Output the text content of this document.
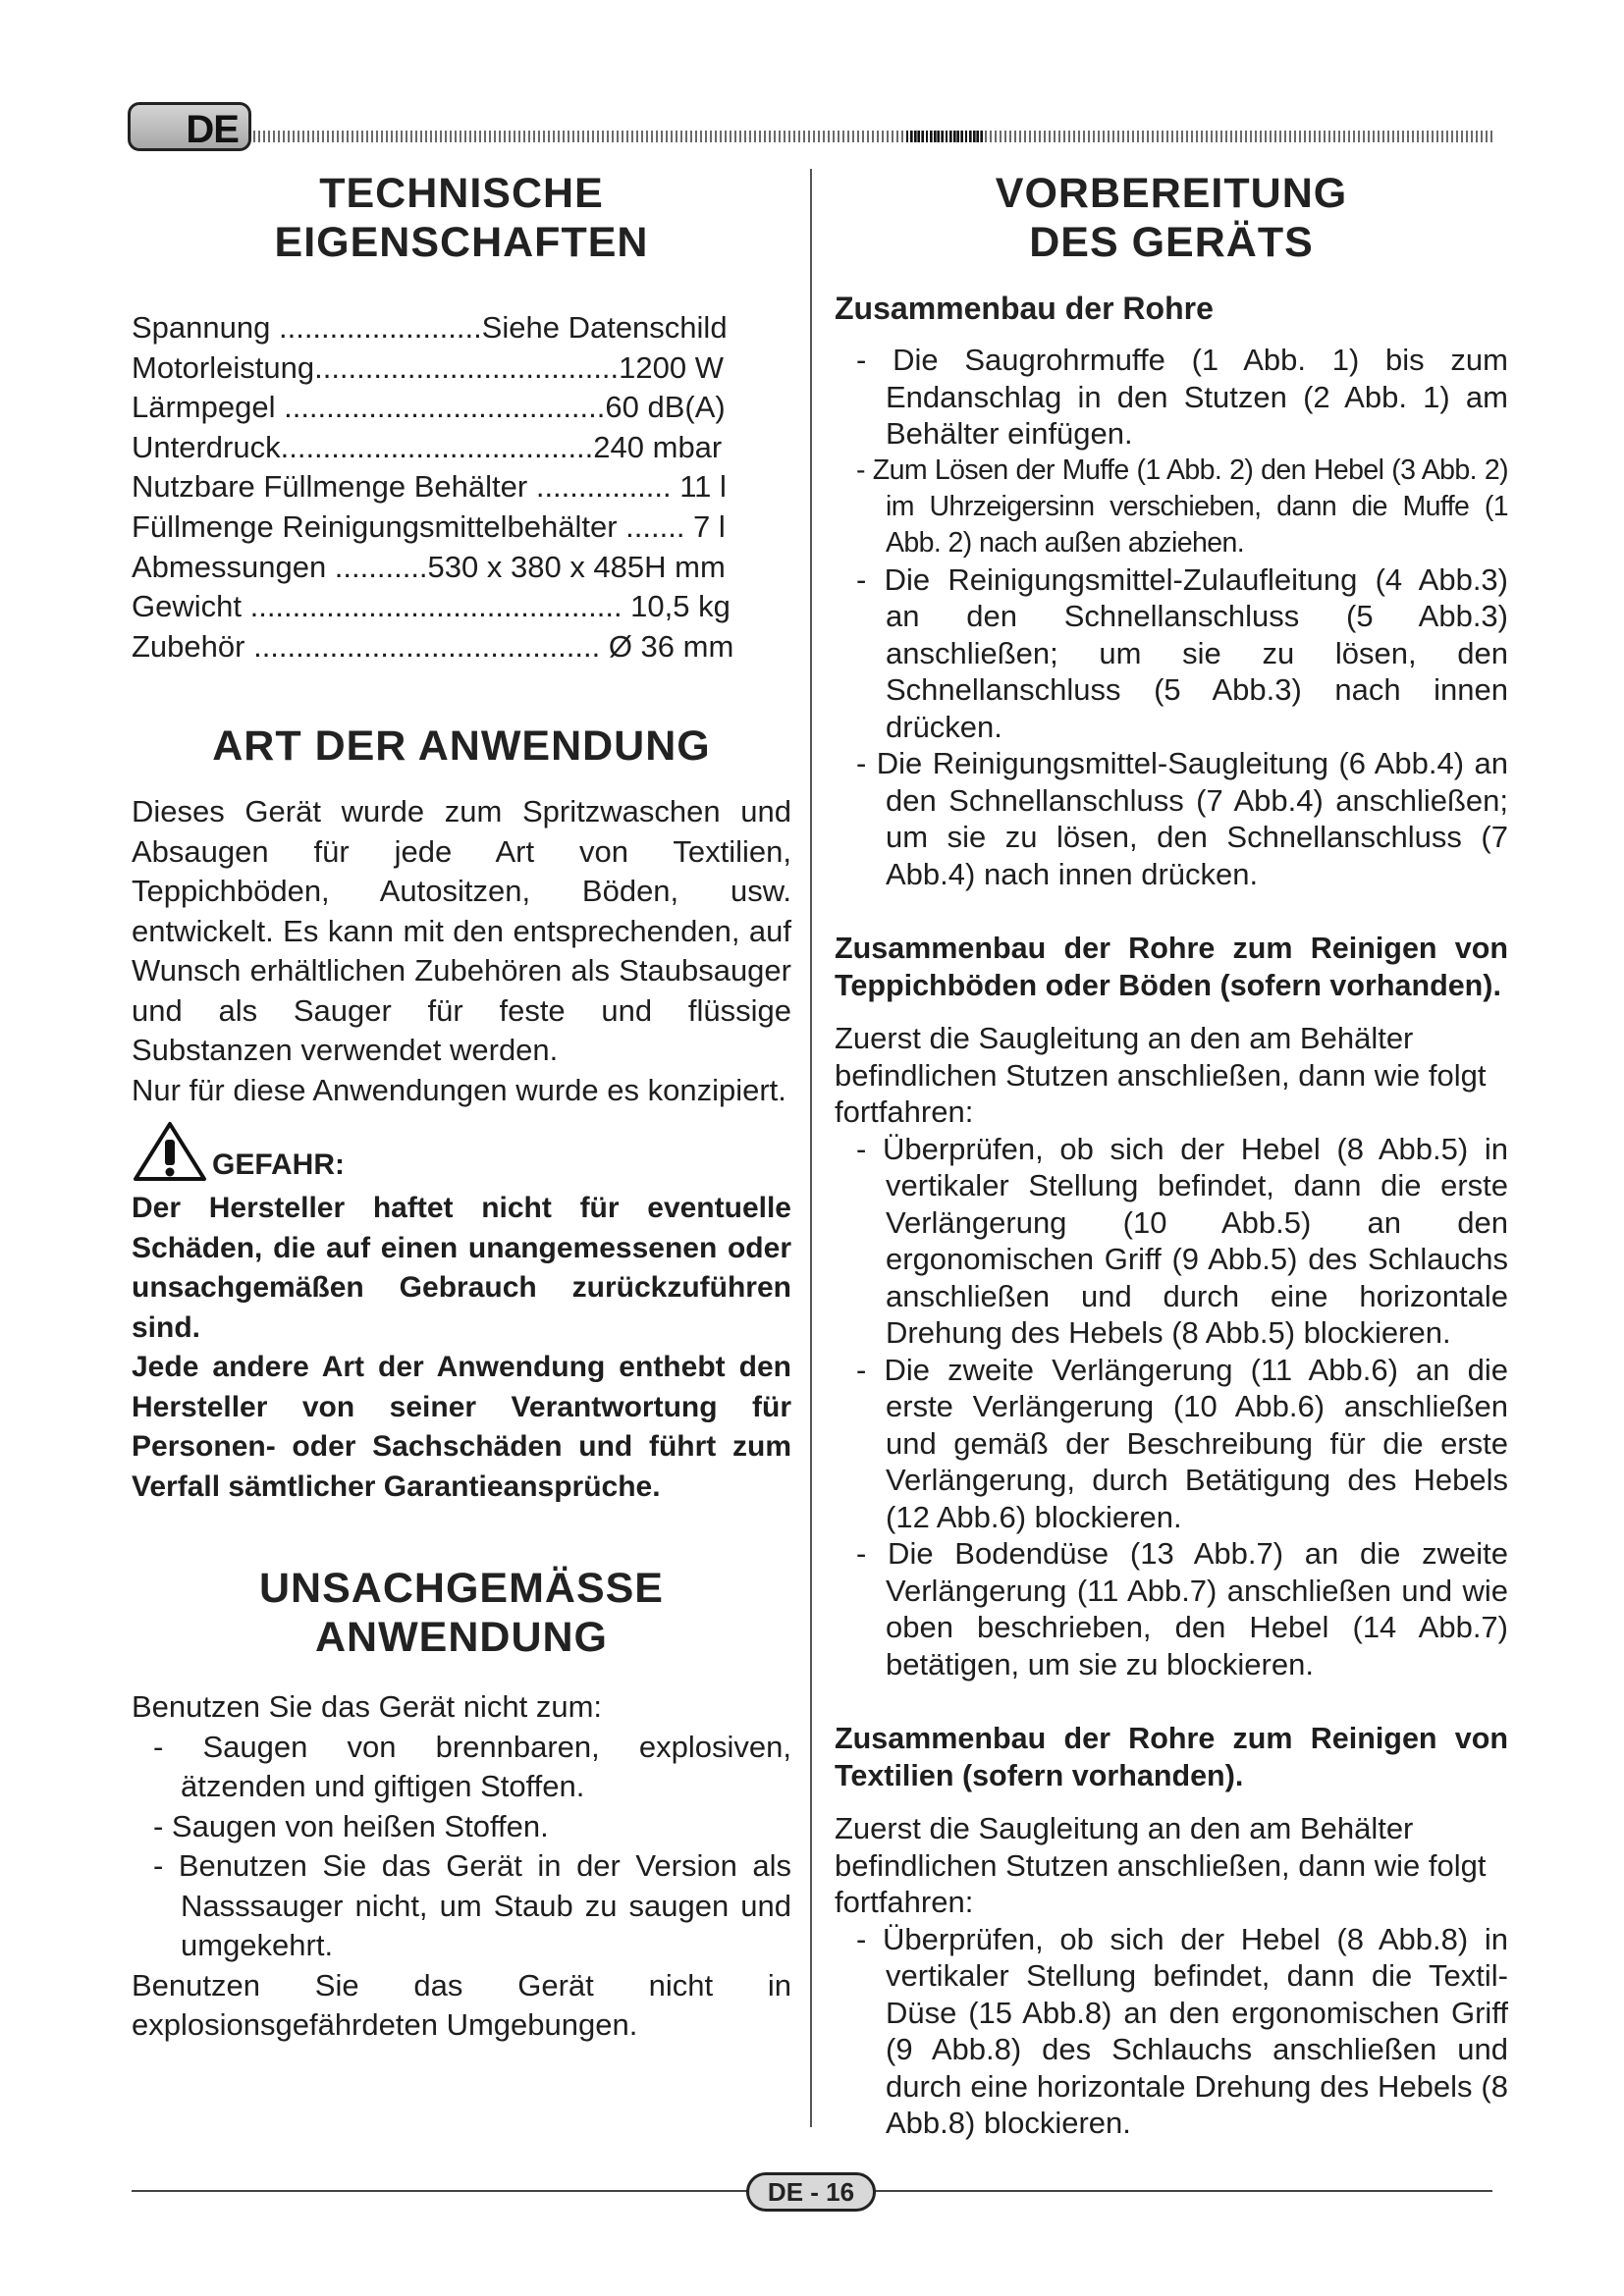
DE
TECHNISCHE
EIGENSCHAFTEN
Spannung ........................Siehe Datenschild
Motorleistung....................................1200 W
Lärmpegel ......................................60 dB(A)
Unterdruck.....................................240 mbar
Nutzbare Füllmenge Behälter ................ 11 l
Füllmenge Reinigungsmittelbehälter ....... 7 l
Abmessungen ...........530 x 380 x 485H mm
Gewicht ............................................ 10,5 kg
Zubehör ......................................... Ø 36 mm
ART DER ANWENDUNG

Dieses Gerät wurde zum Spritzwaschen und Absaugen für jede Art von Textilien, Teppichböden, Autositzen, Böden, usw. entwickelt. Es kann mit den entsprechenden, auf Wunsch erhältlichen Zubehören als Staubsauger und als Sauger für feste und flüssige Substanzen verwendet werden.

Nur für diese Anwendungen wurde es konzipiert.

GEFAHR:

Der Hersteller haftet nicht für eventuelle Schäden, die auf einen unangemessenen oder unsachgemäßen Gebrauch zurückzuführen sind.

Jede andere Art der Anwendung enthebt den Hersteller von seiner Verantwortung für Personen- oder Sachschäden und führt zum Verfall sämtlicher Garantieansprüche.

UNSACHGEMÄSSE
ANWENDUNG

Benutzen Sie das Gerät nicht zum:

- Saugen von brennbaren, explosiven, ätzenden und giftigen Stoffen.

- Saugen von heißen Stoffen.

- Benutzen Sie das Gerät in der Version als Nasssauger nicht, um Staub zu saugen und umgekehrt.

Benutzen Sie das Gerät nicht in explosionsgefährdeten Umgebungen.

VORBEREITUNG
DES GERÄTS
Zusammenbau der Rohre

- Die Saugrohrmuffe (1 Abb. 1) bis zum Endanschlag in den Stutzen (2 Abb. 1) am Behälter einfügen.

- Zum Lösen der Muffe (1 Abb. 2) den Hebel (3 Abb. 2) im Uhrzeigersinn verschieben, dann die Muffe (1 Abb. 2) nach außen abziehen.

- Die Reinigungsmittel-Zulaufleitung (4 Abb.3) an den Schnellanschluss (5 Abb.3) anschließen; um sie zu lösen, den Schnellanschluss (5 Abb.3) nach innen drücken.

- Die Reinigungsmittel-Saugleitung (6 Abb.4) an den Schnellanschluss (7 Abb.4) anschließen; um sie zu lösen, den Schnellanschluss (7 Abb.4) nach innen drücken.

Zusammenbau der Rohre zum Reinigen von Teppichböden oder Böden (sofern vorhanden).

Zuerst die Saugleitung an den am Behälter befindlichen Stutzen anschließen, dann wie folgt fortfahren:

- Überprüfen, ob sich der Hebel (8 Abb.5) in vertikaler Stellung befindet, dann die erste Verlängerung (10 Abb.5) an den ergonomischen Griff (9 Abb.5) des Schlauchs anschließen und durch eine horizontale Drehung des Hebels (8 Abb.5) blockieren.

- Die zweite Verlängerung (11 Abb.6) an die erste Verlängerung (10 Abb.6) anschließen und gemäß der Beschreibung für die erste Verlängerung, durch Betätigung des Hebels (12 Abb.6) blockieren.

- Die Bodendüse (13 Abb.7) an die zweite Verlängerung (11 Abb.7) anschließen und wie oben beschrieben, den Hebel (14 Abb.7) betätigen, um sie zu blockieren.

Zusammenbau der Rohre zum Reinigen von Textilien (sofern vorhanden).

Zuerst die Saugleitung an den am Behälter befindlichen Stutzen anschließen, dann wie folgt fortfahren:

- Überprüfen, ob sich der Hebel (8 Abb.8) in vertikaler Stellung befindet, dann die Textil-Düse (15 Abb.8) an den ergonomischen Griff (9 Abb.8) des Schlauchs anschließen und durch eine horizontale Drehung des Hebels (8 Abb.8) blockieren.

DE - 16
